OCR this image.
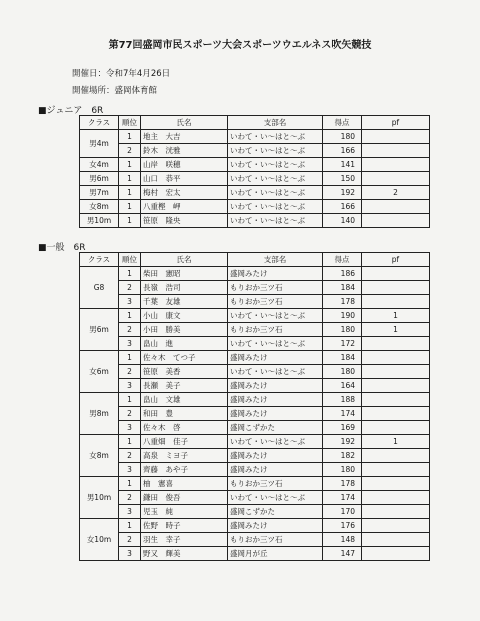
第77回盛岡市民スポーツ大会スポーツウエルネス吹矢競技
開催日：令和7年4月26日
開催場所：盛岡体育館
■ジュニア　6R
クラス	順位	氏名	支部名	得点	pf
男4m	1	地主　大吉	いわて・い～はと～ぶ	180	
	2	鈴木　洸雅	いわて・い～はと～ぶ	166	
女4m	1	山岸　咲穂	いわて・い～はと～ぶ	141	
男6m	1	山口　恭平	いわて・い～はと～ぶ	150	
男7m	1	梅村　宏太	いわて・い～はと～ぶ	192	2
女8m	1	八重樫　岬	いわて・い～はと～ぶ	166	
男10m	1	笹原　隆央	いわて・い～はと～ぶ	140	
■一般　6R
クラス	順位	氏名	支部名	得点	pf
G8	1	柴田　憲昭	盛岡みたけ	186	
	2	長嶺　浩司	もりおか三ツ石	184	
	3	千葉　友雄	もりおか三ツ石	178	
男6m	1	小山　康文	いわて・い～はと～ぶ	190	1
	2	小田　勝美	もりおか三ツ石	180	1
	3	畠山　進	いわて・い～はと～ぶ	172	
女6m	1	佐々木　てつ子	盛岡みたけ	184	
	2	笹原　美香	いわて・い～はと～ぶ	180	
	3	長瀬　美子	盛岡みたけ	164	
男8m	1	畠山　文雄	盛岡みたけ	188	
	2	和田　豊	盛岡みたけ	174	
	3	佐々木　啓	盛岡こずかた	169	
女8m	1	八重畑　佳子	いわて・い～はと～ぶ	192	1
	2	高泉　ミヨ子	盛岡みたけ	182	
	3	齊藤　あや子	盛岡みたけ	180	
男10m	1	柚　憲喜	もりおか三ツ石	178	
	2	鎌田　俊吾	いわて・い～はと～ぶ	174	
	3	児玉　純	盛岡こずかた	170	
女10m	1	佐野　時子	盛岡みたけ	176	
	2	羽生　幸子	もりおか三ツ石	148	
	3	野又　輝美	盛岡月が丘	147	
